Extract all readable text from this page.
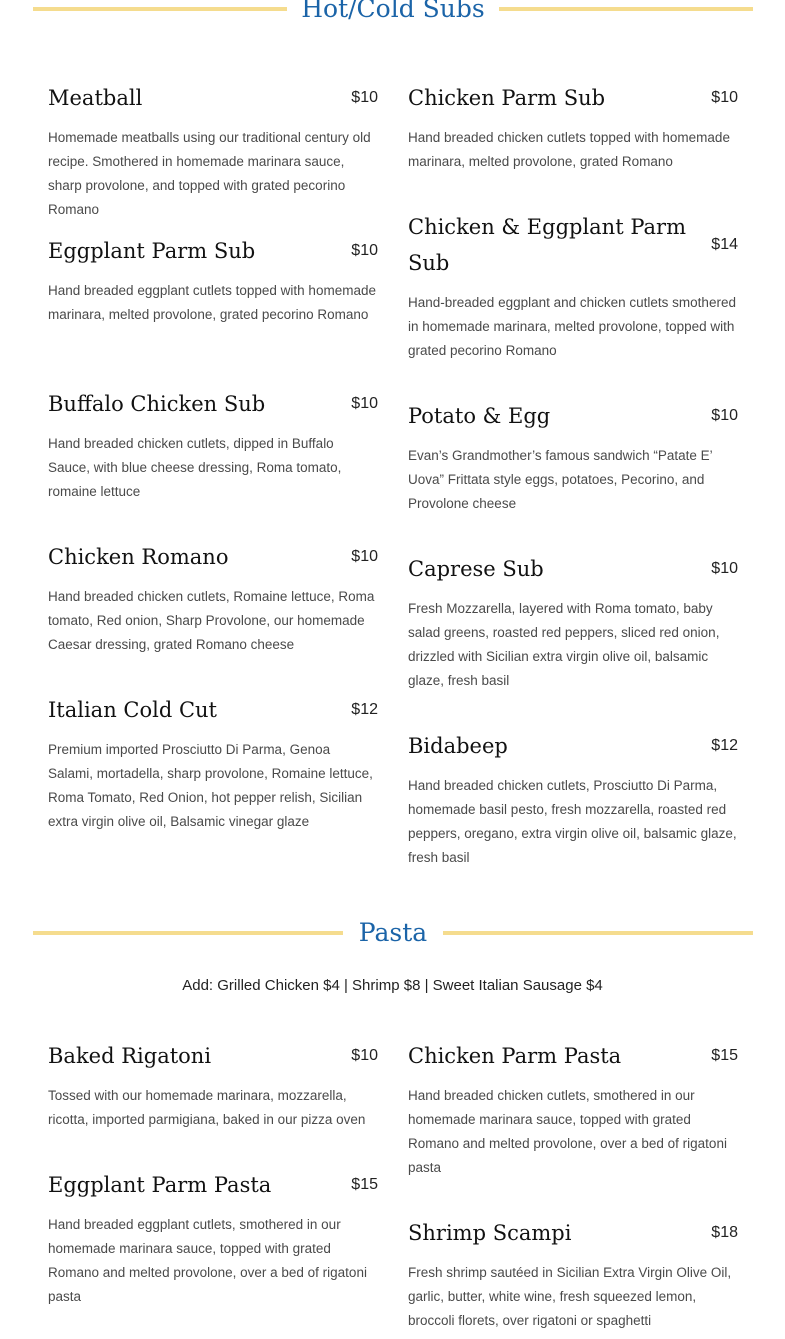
Hot/Cold Subs
Meatball	$10
Homemade meatballs using our traditional century old recipe. Smothered in homemade marinara sauce, sharp provolone, and topped with grated pecorino Romano
Eggplant Parm Sub	$10
Hand breaded eggplant cutlets topped with homemade marinara, melted provolone, grated pecorino Romano
Buffalo Chicken Sub	$10
Hand breaded chicken cutlets, dipped in Buffalo Sauce, with blue cheese dressing, Roma tomato, romaine lettuce
Chicken Romano	$10
Hand breaded chicken cutlets, Romaine lettuce, Roma tomato, Red onion, Sharp Provolone, our homemade Caesar dressing, grated Romano cheese
Italian Cold Cut	$12
Premium imported Prosciutto Di Parma, Genoa Salami, mortadella, sharp provolone, Romaine lettuce, Roma Tomato, Red Onion, hot pepper relish, Sicilian extra virgin olive oil, Balsamic vinegar glaze
Chicken Parm Sub	$10
Hand breaded chicken cutlets topped with homemade marinara, melted provolone, grated Romano
Chicken & Eggplant Parm Sub
$14
Hand-breaded eggplant and chicken cutlets smothered in homemade marinara, melted provolone, topped with grated pecorino Romano
Potato & Egg	$10
Evan’s Grandmother’s famous sandwich “Patate E’ Uova” Frittata style eggs, potatoes, Pecorino, and Provolone cheese
Caprese Sub	$10
Fresh Mozzarella, layered with Roma tomato, baby salad greens, roasted red peppers, sliced red onion, drizzled with Sicilian extra virgin olive oil, balsamic glaze, fresh basil
Bidabeep	$12
Hand breaded chicken cutlets, Prosciutto Di Parma, homemade basil pesto, fresh mozzarella, roasted red peppers, oregano, extra virgin olive oil, balsamic glaze, fresh basil
Pasta
Add: Grilled Chicken $4 | Shrimp $8 | Sweet Italian Sausage $4
Baked Rigatoni	$10
Tossed with our homemade marinara, mozzarella, ricotta, imported parmigiana, baked in our pizza oven
Eggplant Parm Pasta	$15
Hand breaded eggplant cutlets, smothered in our homemade marinara sauce, topped with grated Romano and melted provolone, over a bed of rigatoni pasta
Chicken Parm Pasta	$15
Hand breaded chicken cutlets, smothered in our homemade marinara sauce, topped with grated Romano and melted provolone, over a bed of rigatoni pasta
Shrimp Scampi	$18
Fresh shrimp sautéed in Sicilian Extra Virgin Olive Oil, garlic, butter, white wine, fresh squeezed lemon, broccoli florets, over rigatoni or spaghetti
